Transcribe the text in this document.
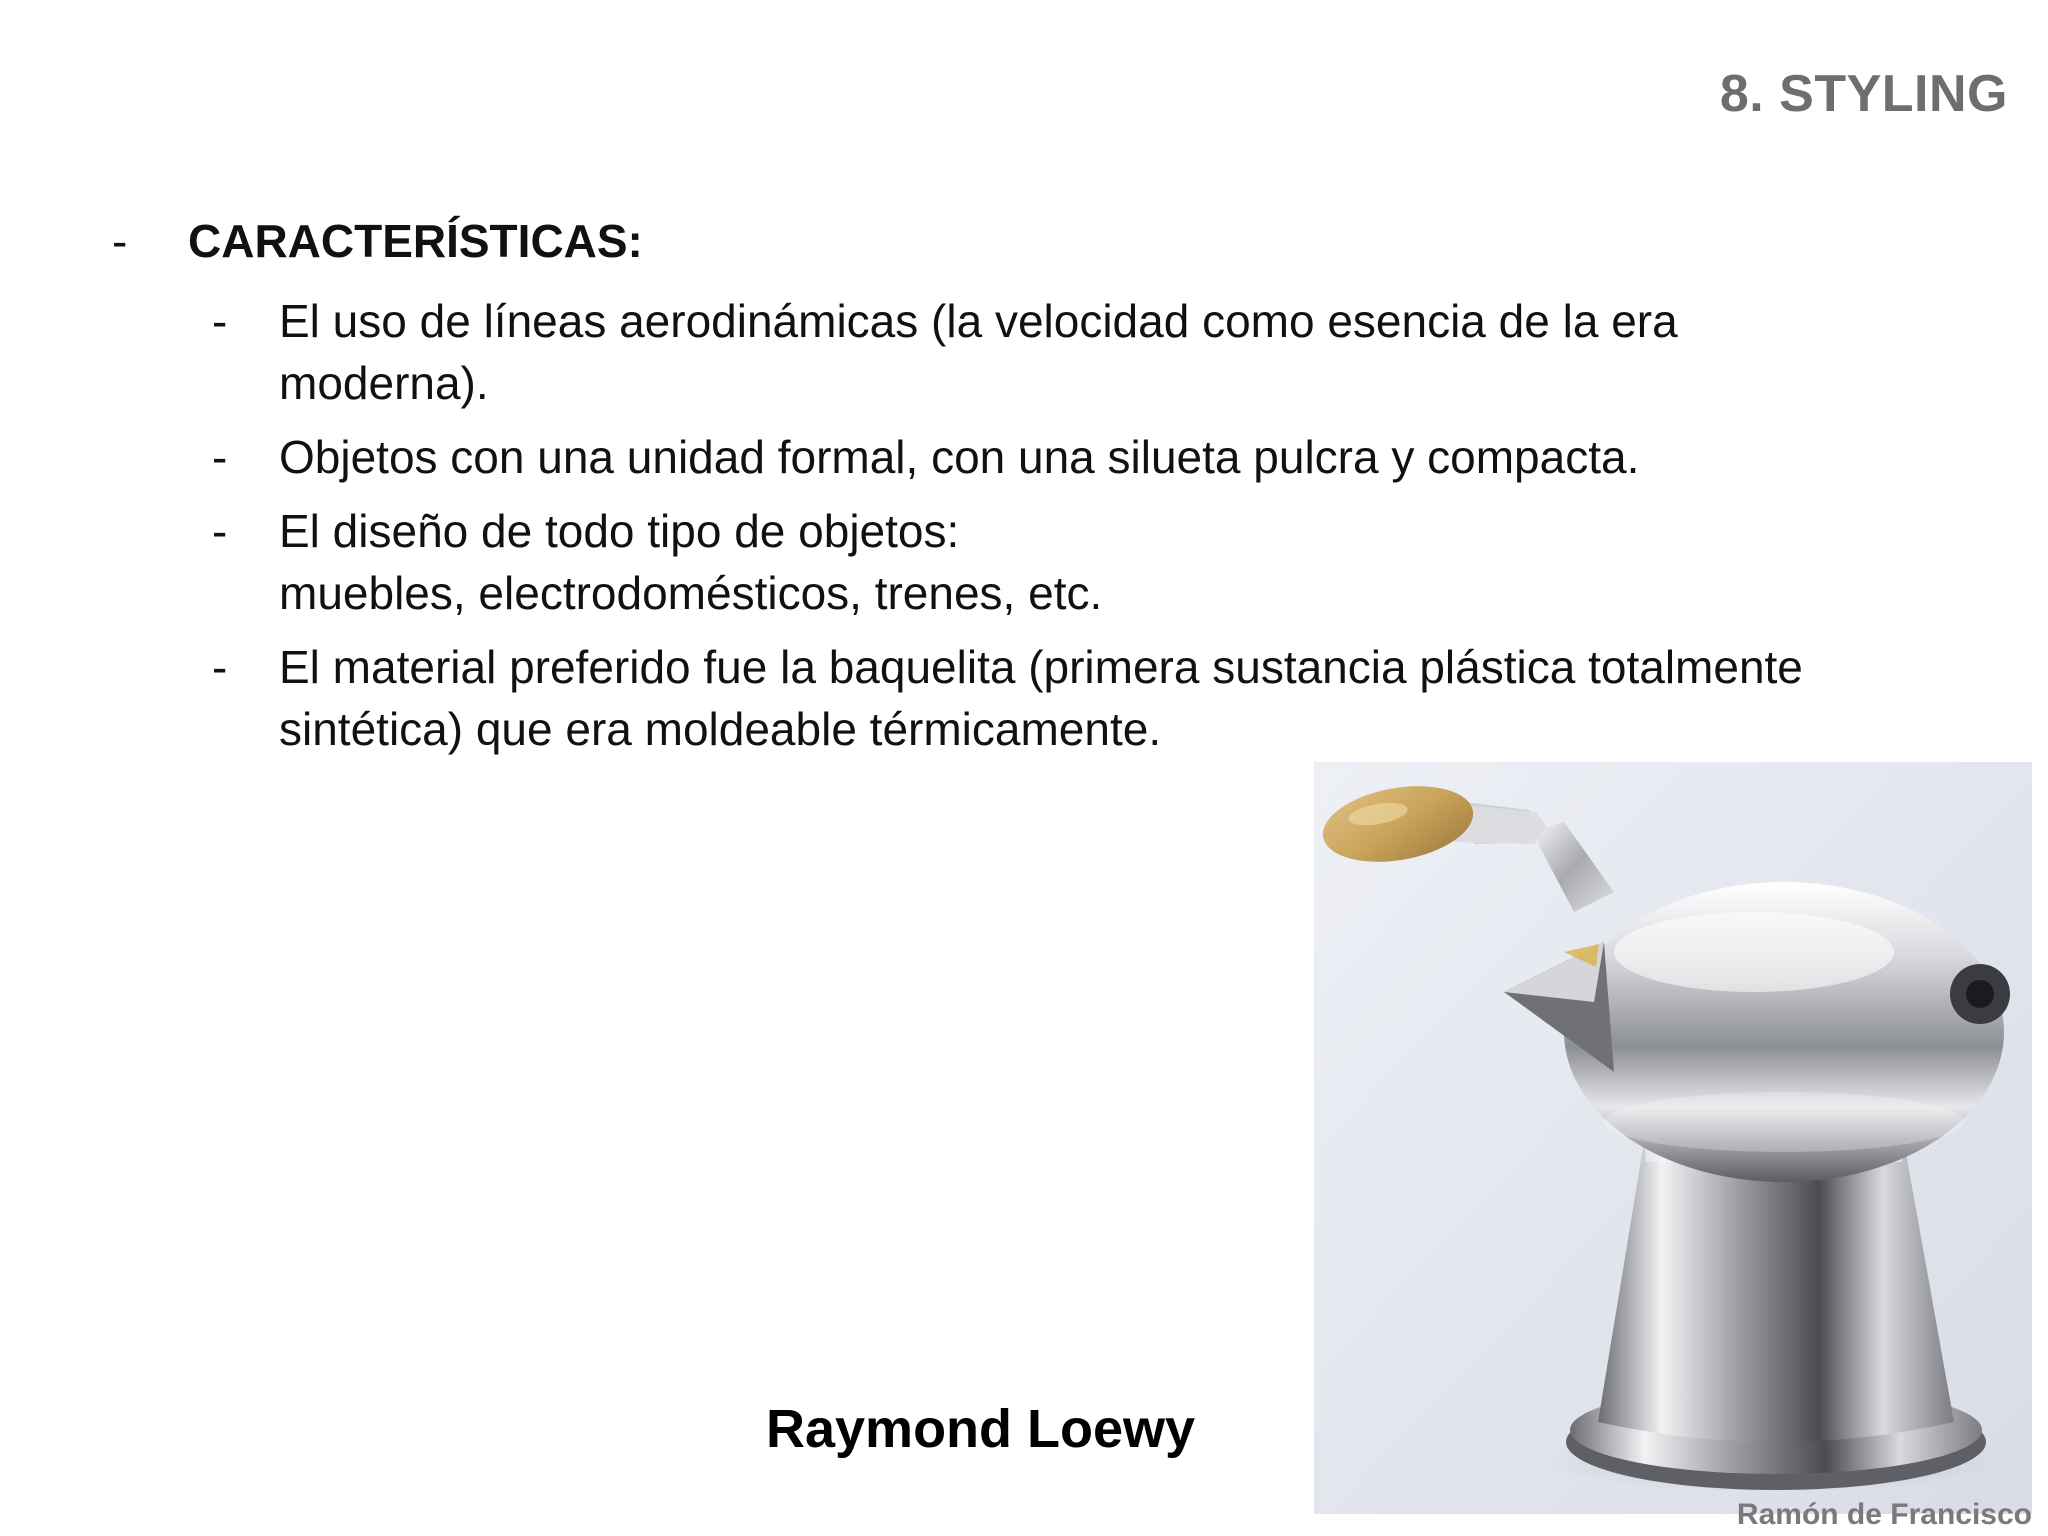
8. STYLING
-	CARACTERÍSTICAS:
-	El uso de líneas aerodinámicas (la velocidad como esencia de la era moderna).
-	Objetos con una unidad formal, con una silueta pulcra y compacta.
-	El diseño de todo tipo de objetos:
muebles, electrodomésticos, trenes, etc.
-	El material preferido fue la baquelita (primera sustancia plástica totalmente sintética) que era moldeable térmicamente.
Raymond Loewy
Ramón de Francisco
